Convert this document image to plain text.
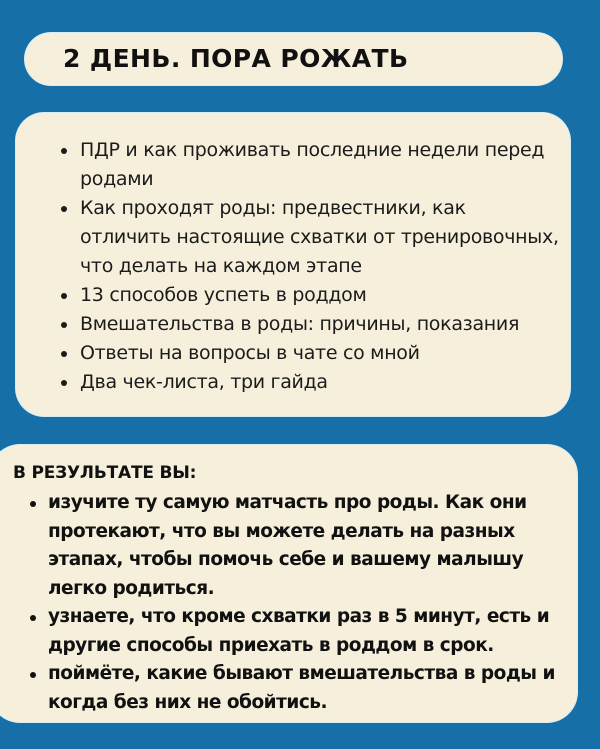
2 ДЕНЬ. ПОРА РОЖАТЬ
ПДР и как проживать последние недели перед родами
Как проходят роды: предвестники, как отличить настоящие схватки от тренировочных, что делать на каждом этапе
13 способов успеть в роддом
Вмешательства в роды: причины, показания
Ответы на вопросы в чате со мной
Два чек-листа, три гайда
В РЕЗУЛЬТАТЕ ВЫ:
изучите ту самую матчасть про роды. Как они протекают, что вы можете делать на разных этапах, чтобы помочь себе и вашему малышу легко родиться.
узнаете, что кроме схватки раз в 5 минут, есть и другие способы приехать в роддом в срок.
поймёте, какие бывают вмешательства в роды и когда без них не обойтись.
